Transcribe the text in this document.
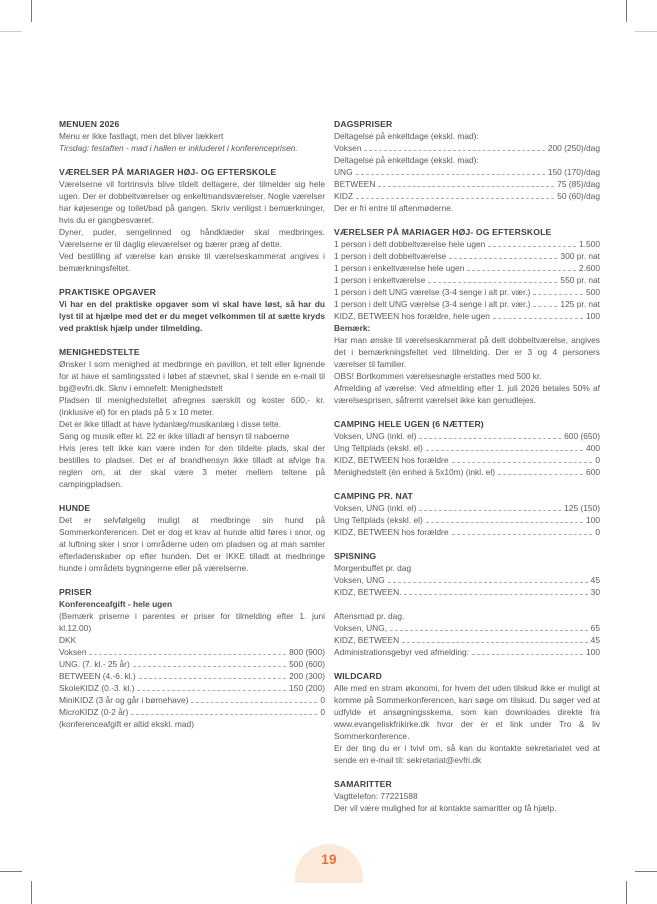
MENUEN 2026

Menu er ikke fastlagt, men det bliver lækkert

Tirsdag: festaften - mad i hallen er inkluderet i konferenceprisen.

VÆRELSER PÅ MARIAGER HØJ- OG EFTERSKOLE

Værelserne vil fortrinsvis blive tildelt deltagere, der tilmelder sig hele ugen. Der er dobbeltværelser og enkeltmandsværelser. Nogle værelser har køjesenge og toilet/bad på gangen. Skriv venligst i bemærkninger, hvis du er gangbesværet.

Dyner, puder, sengelinned og håndklæder skal medbringes. Værelserne er til daglig eleværelser og bærer præg af dette.

Ved bestilling af værelse kan ønske til værelseskammerat angives i bemærkningsfeltet.

PRAKTISKE OPGAVER

Vi har en del praktiske opgaver som vi skal have løst, så har du lyst til at hjælpe med det er du meget velkommen til at sætte kryds ved praktisk hjælp under tilmelding.

MENIGHEDSTELTE

Ønsker I som menighed at medbringe en pavillon, et telt eller lignende for at have et samlingssted i løbet af stævnet, skal I sende en e-mail til bg@evfri.dk. Skriv i emnefelt: Menighedstelt

Pladsen til menighedsteltet afregnes særskilt og koster 600,- kr. (inklusive el) for en plads på 5 x 10 meter.

Det er ikke tilladt at have lydanlæg/musikanlæg i disse telte.

Sang og musik efter kl. 22 er ikke tilladt af hensyn til naboerne

Hvis jeres telt ikke kan være inden for den tildelte plads, skal der bestilles to pladser. Det er af brandhensyn ikke tilladt at afvige fra reglen om, at der skal være 3 meter mellem teltene på campingpladsen.

HUNDE

Det er selvfølgelig muligt at medbringe sin hund på Sommerkonferencen. Det er dog et krav at hunde altid føres i snor, og at luftning sker i snor i områderne uden om pladsen og at man samler efterladenskaber op efter hunden. Det er IKKE tilladt at medbringe hunde i områdets bygningerne eller på værelserne.

PRISER

Konferenceafgift - hele ugen

(Bemærk priserne i parentes er priser for tilmelding efter 1. juni kl.12.00)

DKK

Voksen	800 (900)
UNG. (7. kl.- 25 år)	500 (600)
BETWEEN (4.-6. kl.)	200 (300)
SkoleKIDZ (0.-3. kl.)	150 (200)
MiniKIDZ (3 år og går i børnehave)	0
MicroKIDZ (0-2 år)	0

(konferenceafgift er altid ekskl. mad)

DAGSPRISER

Deltagelse på enkeltdage (ekskl. mad):

Voksen	200 (250)/dag

Deltagelse på enkeltdage (ekskl. mad):

UNG	150 (170)/dag
BETWEEN	75 (85)/dag
KIDZ	50 (60)/dag

Der er fri entre til aftenmøderne.

VÆRELSER PÅ MARIAGER HØJ- OG EFTERSKOLE
1 person i delt dobbeltværelse hele ugen	1.500
1 person i delt dobbeltværelse	300 pr. nat
1 person i enkeltværelse hele ugen	2.600
1 person i enkeltværelse	550 pr. nat
1 person i delt UNG værelse (3-4 senge i alt pr. vær.)	500
1 person i delt UNG værelse (3-4 senge i alt pr. vær.)	125 pr. nat
KIDZ, BETWEEN hos forældre, hele ugen	100

Bemærk:

Har man ønske til værelseskammerat på delt dobbeltværelse, angives det i bemærkningsfeltet ved tilmelding. Der er 3 og 4 personers værelser til familier.

OBS! Bortkommen værelsesnøgle erstattes med 500 kr.

Afmelding af værelse: Ved afmelding efter 1. juli 2026 betales 50% af værelsesprisen, såfremt værelset ikke kan genudlejes.

CAMPING HELE UGEN (6 NÆTTER)
Voksen, UNG (inkl. el)	600 (650)
Ung Teltplads (ekskl. el)	400
KIDZ, BETWEEN hos forældre	0
Menighedstelt (én enhed à 5x10m) (inkl. el)	600
CAMPING PR. NAT
Voksen, UNG (inkl. el)	125 (150)
Ung Teltplads (ekskl. el)	100
KIDZ, BETWEEN hos forældre	0
SPISNING

Morgenbuffet pr. dag

Voksen, UNG	45
KIDZ, BETWEEN.	30

Aftensmad pr. dag.

Voksen, UNG,	65
KIDZ, BETWEEN	45
Administrationsgebyr ved afmelding:	100
WILDCARD

Alle med en stram økonomi, for hvem det uden tilskud ikke er muligt at komme på Sommerkonferencen, kan søge om tilskud. Du søger ved at udfylde et ansøgningsskema, som kan downloades direkte fra www.evangeliskfrikirke.dk hvor der er et link under Tro & liv Sommerkonference.

Er der ting du er i tvivl om, så kan du kontakte sekretariatet ved at sende en e-mail til: sekretariat@evfri.dk

SAMARITTER

Vagttelefon: 77221588

Der vil være mulighed for at kontakte samaritter og få hjælp.

19
